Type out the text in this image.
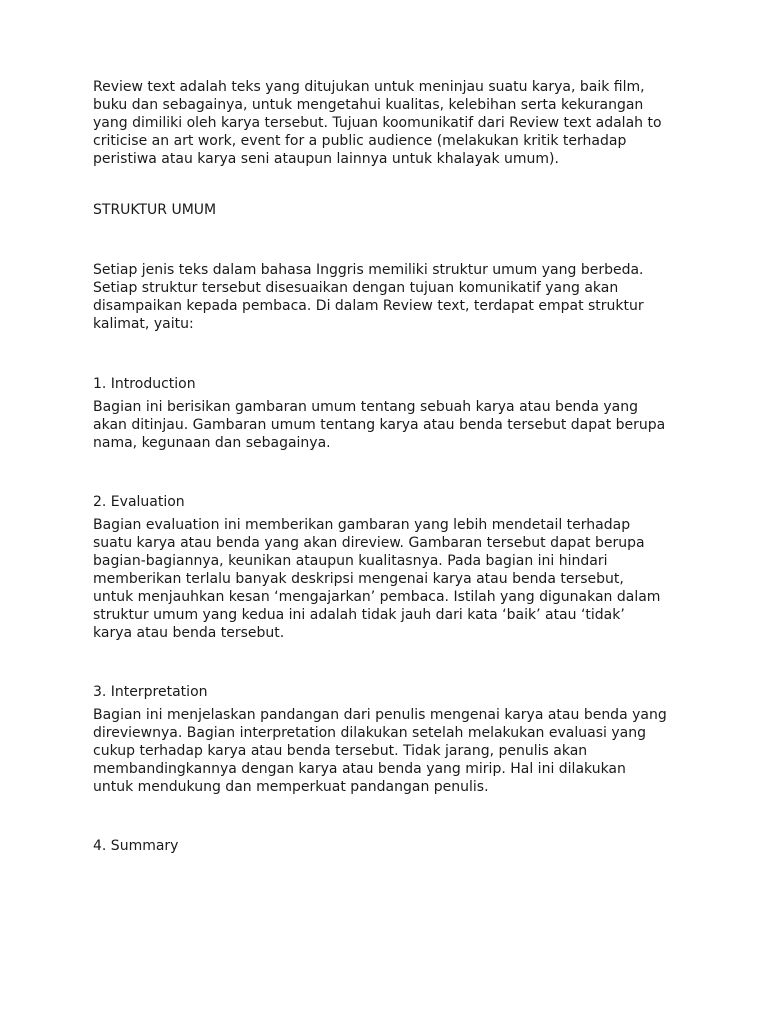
Review text adalah teks yang ditujukan untuk meninjau suatu karya, baik film,
buku dan sebagainya, untuk mengetahui kualitas, kelebihan serta kekurangan
yang dimiliki oleh karya tersebut. Tujuan koomunikatif dari Review text adalah to
criticise an art work, event for a public audience (melakukan kritik terhadap
peristiwa atau karya seni ataupun lainnya untuk khalayak umum).

STRUKTUR UMUM

Setiap jenis teks dalam bahasa Inggris memiliki struktur umum yang berbeda.
Setiap struktur tersebut disesuaikan dengan tujuan komunikatif yang akan
disampaikan kepada pembaca. Di dalam Review text, terdapat empat struktur
kalimat, yaitu:

1. Introduction

Bagian ini berisikan gambaran umum tentang sebuah karya atau benda yang
akan ditinjau. Gambaran umum tentang karya atau benda tersebut dapat berupa
nama, kegunaan dan sebagainya.

2. Evaluation

Bagian evaluation ini memberikan gambaran yang lebih mendetail terhadap
suatu karya atau benda yang akan direview. Gambaran tersebut dapat berupa
bagian-bagiannya, keunikan ataupun kualitasnya. Pada bagian ini hindari
memberikan terlalu banyak deskripsi mengenai karya atau benda tersebut,
untuk menjauhkan kesan ‘mengajarkan’ pembaca. Istilah yang digunakan dalam
struktur umum yang kedua ini adalah tidak jauh dari kata ‘baik’ atau ‘tidak’
karya atau benda tersebut.

3. Interpretation

Bagian ini menjelaskan pandangan dari penulis mengenai karya atau benda yang
direviewnya. Bagian interpretation dilakukan setelah melakukan evaluasi yang
cukup terhadap karya atau benda tersebut. Tidak jarang, penulis akan
membandingkannya dengan karya atau benda yang mirip. Hal ini dilakukan
untuk mendukung dan memperkuat pandangan penulis.

4. Summary
